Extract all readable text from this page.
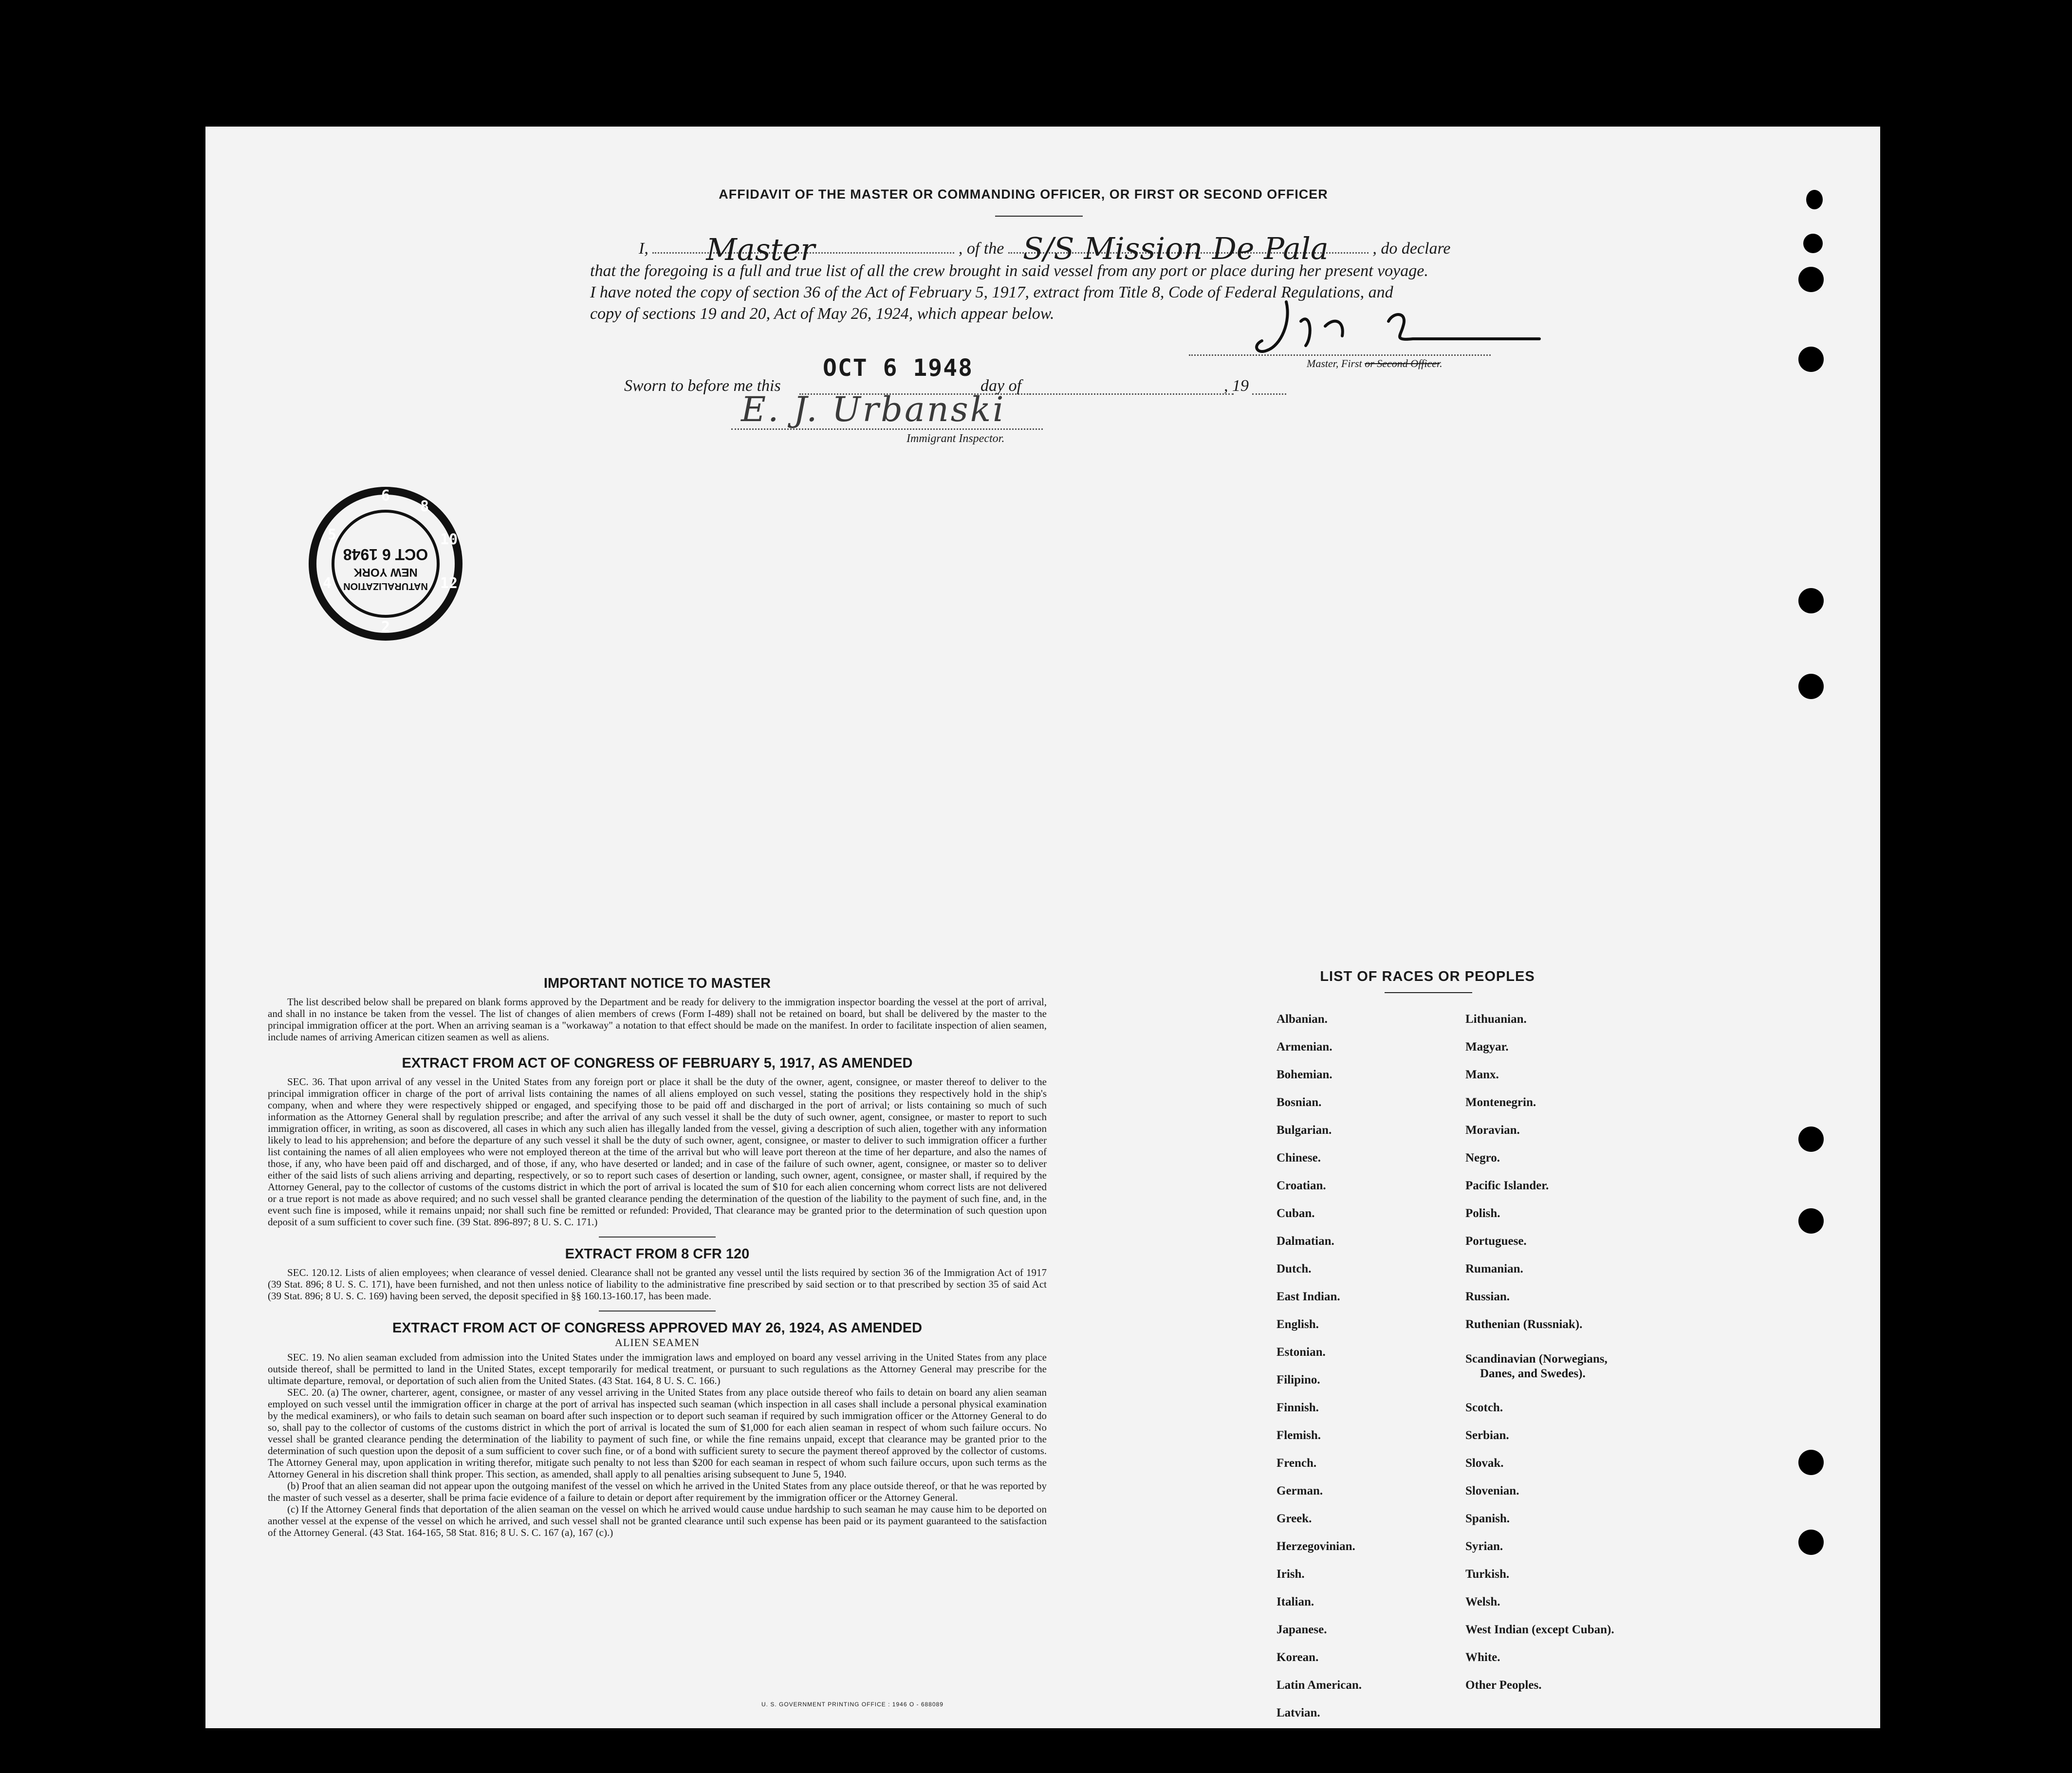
AFFIDAVIT OF THE MASTER OR COMMANDING OFFICER, OR FIRST OR SECOND OFFICER
I, Master	, of the S/S Mission De Pala	, do declare
that the foregoing is a full and true list of all the crew brought in said vessel from any port or place during her present voyage.
I have noted the copy of section 36 of the Act of February 5, 1917, extract from Title 8, Code of Federal Regulations, and
copy of sections 19 and 20, Act of May 26, 1924, which appear below.
Master, First or Second Officer.
Sworn to before me this
OCT 6 1948
day of	, 19
E. J. Urbanski
Immigrant Inspector.
6
8
10
12
2
4
5
NATURALIZATION
NEW YORK
OCT 6 1948
IMPORTANT NOTICE TO MASTER

The list described below shall be prepared on blank forms approved by the Department and be ready for delivery to the immigration inspector boarding the vessel at the port of arrival, and shall in no instance be taken from the vessel. The list of changes of alien members of crews (Form I-489) shall not be retained on board, but shall be delivered by the master to the principal immigration officer at the port. When an arriving seaman is a "workaway" a notation to that effect should be made on the manifest. In order to facilitate inspection of alien seamen, include names of arriving American citizen seamen as well as aliens.

EXTRACT FROM ACT OF CONGRESS OF FEBRUARY 5, 1917, AS AMENDED

SEC. 36. That upon arrival of any vessel in the United States from any foreign port or place it shall be the duty of the owner, agent, consignee, or master thereof to deliver to the principal immigration officer in charge of the port of arrival lists containing the names of all aliens employed on such vessel, stating the positions they respectively hold in the ship's company, when and where they were respectively shipped or engaged, and specifying those to be paid off and discharged in the port of arrival; or lists containing so much of such information as the Attorney General shall by regulation prescribe; and after the arrival of any such vessel it shall be the duty of such owner, agent, consignee, or master to report to such immigration officer, in writing, as soon as discovered, all cases in which any such alien has illegally landed from the vessel, giving a description of such alien, together with any information likely to lead to his apprehension; and before the departure of any such vessel it shall be the duty of such owner, agent, consignee, or master to deliver to such immigration officer a further list containing the names of all alien employees who were not employed thereon at the time of the arrival but who will leave port thereon at the time of her departure, and also the names of those, if any, who have been paid off and discharged, and of those, if any, who have deserted or landed; and in case of the failure of such owner, agent, consignee, or master so to deliver either of the said lists of such aliens arriving and departing, respectively, or so to report such cases of desertion or landing, such owner, agent, consignee, or master shall, if required by the Attorney General, pay to the collector of customs of the customs district in which the port of arrival is located the sum of $10 for each alien concerning whom correct lists are not delivered or a true report is not made as above required; and no such vessel shall be granted clearance pending the determination of the question of the liability to the payment of such fine, and, in the event such fine is imposed, while it remains unpaid; nor shall such fine be remitted or refunded: Provided, That clearance may be granted prior to the determination of such question upon deposit of a sum sufficient to cover such fine. (39 Stat. 896-897; 8 U. S. C. 171.)

EXTRACT FROM 8 CFR 120

SEC. 120.12. Lists of alien employees; when clearance of vessel denied. Clearance shall not be granted any vessel until the lists required by section 36 of the Immigration Act of 1917 (39 Stat. 896; 8 U. S. C. 171), have been furnished, and not then unless notice of liability to the administrative fine prescribed by said section or to that prescribed by section 35 of said Act (39 Stat. 896; 8 U. S. C. 169) having been served, the deposit specified in §§ 160.13-160.17, has been made.

EXTRACT FROM ACT OF CONGRESS APPROVED MAY 26, 1924, AS AMENDED
ALIEN SEAMEN

SEC. 19. No alien seaman excluded from admission into the United States under the immigration laws and employed on board any vessel arriving in the United States from any place outside thereof, shall be permitted to land in the United States, except temporarily for medical treatment, or pursuant to such regulations as the Attorney General may prescribe for the ultimate departure, removal, or deportation of such alien from the United States. (43 Stat. 164, 8 U. S. C. 166.)

SEC. 20. (a) The owner, charterer, agent, consignee, or master of any vessel arriving in the United States from any place outside thereof who fails to detain on board any alien seaman employed on such vessel until the immigration officer in charge at the port of arrival has inspected such seaman (which inspection in all cases shall include a personal physical examination by the medical examiners), or who fails to detain such seaman on board after such inspection or to deport such seaman if required by such immigration officer or the Attorney General to do so, shall pay to the collector of customs of the customs district in which the port of arrival is located the sum of $1,000 for each alien seaman in respect of whom such failure occurs. No vessel shall be granted clearance pending the determination of the liability to payment of such fine, or while the fine remains unpaid, except that clearance may be granted prior to the determination of such question upon the deposit of a sum sufficient to cover such fine, or of a bond with sufficient surety to secure the payment thereof approved by the collector of customs. The Attorney General may, upon application in writing therefor, mitigate such penalty to not less than $200 for each seaman in respect of whom such failure occurs, upon such terms as the Attorney General in his discretion shall think proper. This section, as amended, shall apply to all penalties arising subsequent to June 5, 1940.

(b) Proof that an alien seaman did not appear upon the outgoing manifest of the vessel on which he arrived in the United States from any place outside thereof, or that he was reported by the master of such vessel as a deserter, shall be prima facie evidence of a failure to detain or deport after requirement by the immigration officer or the Attorney General.

(c) If the Attorney General finds that deportation of the alien seaman on the vessel on which he arrived would cause undue hardship to such seaman he may cause him to be deported on another vessel at the expense of the vessel on which he arrived, and such vessel shall not be granted clearance until such expense has been paid or its payment guaranteed to the satisfaction of the Attorney General. (43 Stat. 164-165, 58 Stat. 816; 8 U. S. C. 167 (a), 167 (c).)

U. S. GOVERNMENT PRINTING OFFICE : 1946 O - 688089
LIST OF RACES OR PEOPLES
Albanian.
Armenian.
Bohemian.
Bosnian.
Bulgarian.
Chinese.
Croatian.
Cuban.
Dalmatian.
Dutch.
East Indian.
English.
Estonian.
Filipino.
Finnish.
Flemish.
French.
German.
Greek.
Herzegovinian.
Irish.
Italian.
Japanese.
Korean.
Latin American.
Latvian.
Lithuanian.
Magyar.
Manx.
Montenegrin.
Moravian.
Negro.
Pacific Islander.
Polish.
Portuguese.
Rumanian.
Russian.
Ruthenian (Russniak).
Scandinavian (Norwegians,
Danes, and Swedes).
Scotch.
Serbian.
Slovak.
Slovenian.
Spanish.
Syrian.
Turkish.
Welsh.
West Indian (except Cuban).
White.
Other Peoples.
